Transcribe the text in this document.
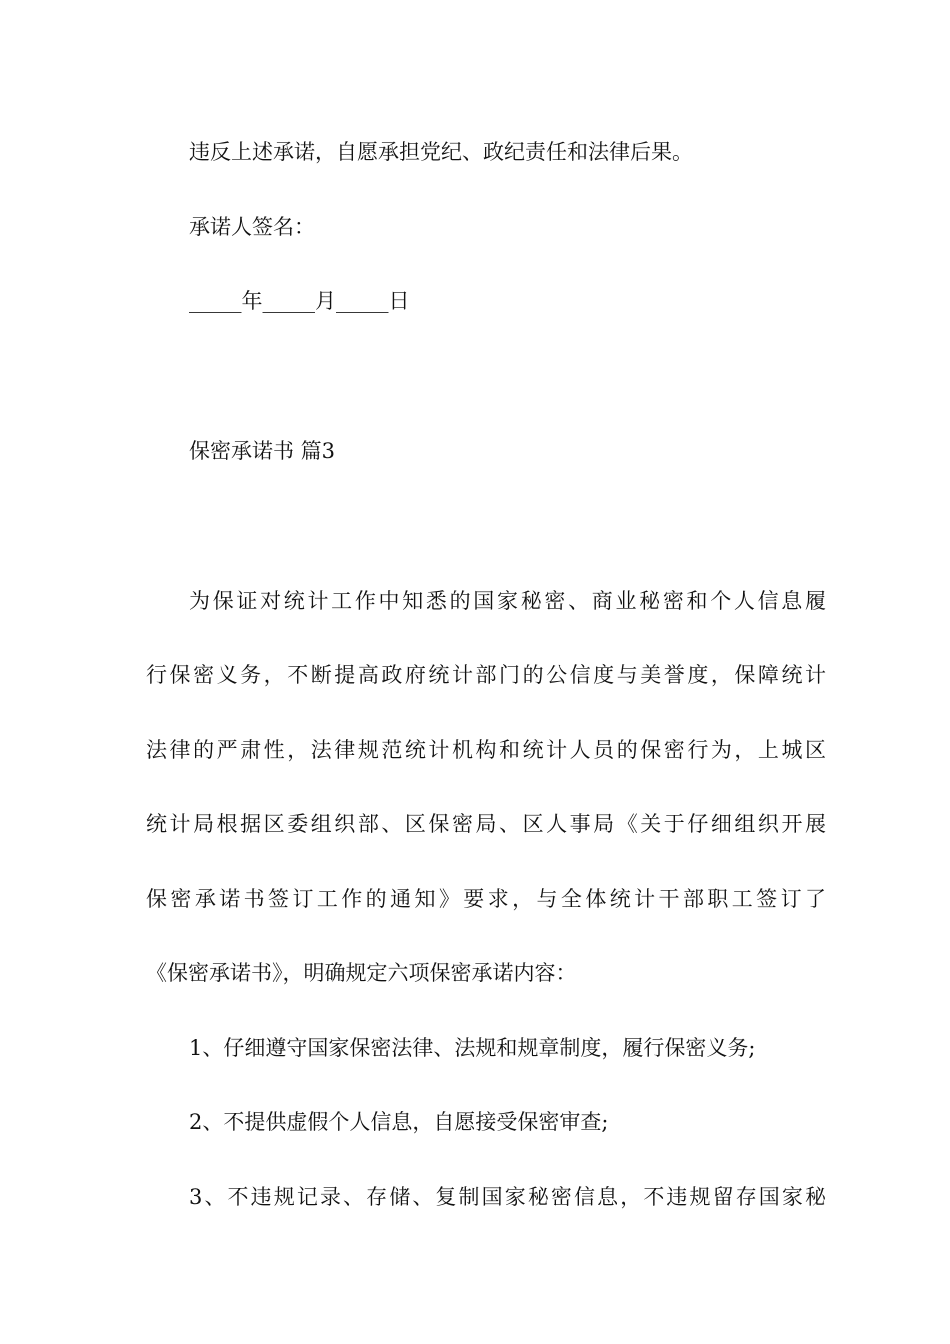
违反上述承诺，自愿承担党纪、政纪责任和法律后果。
承诺人签名：
_____年_____月_____日
保密承诺书 篇3
为保证对统计工作中知悉的国家秘密、商业秘密和个人信息履
行保密义务，不断提高政府统计部门的公信度与美誉度，保障统计
法律的严肃性，法律规范统计机构和统计人员的保密行为，上城区
统计局根据区委组织部、区保密局、区人事局《关于仔细组织开展
保密承诺书签订工作的通知》要求，与全体统计干部职工签订了
《保密承诺书》，明确规定六项保密承诺内容：
1、仔细遵守国家保密法律、法规和规章制度，履行保密义务;
2、不提供虚假个人信息，自愿接受保密审查;
3、不违规记录、存储、复制国家秘密信息，不违规留存国家秘
